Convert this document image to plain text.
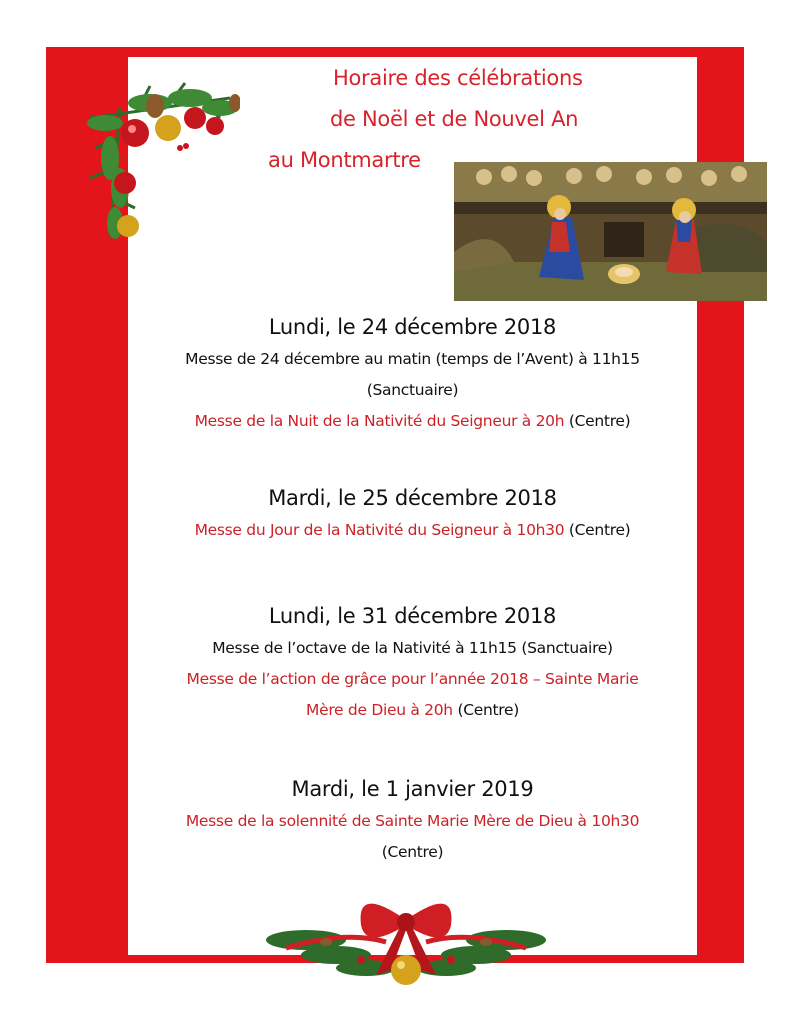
Horaire des célébrations
de Noël et de Nouvel An
au Montmartre
Lundi, le 24 décembre 2018
Messe de 24 décembre au matin (temps de l’Avent) à 11h15
(Sanctuaire)
Messe de la Nuit de la Nativité du Seigneur à 20h (Centre)
Mardi, le 25 décembre 2018
Messe du Jour de la Nativité du Seigneur à 10h30 (Centre)
Lundi, le 31 décembre 2018
Messe de l’octave de la Nativité à 11h15 (Sanctuaire)
Messe de l’action de grâce pour l’année 2018 – Sainte Marie
Mère de Dieu à 20h (Centre)
Mardi, le 1 janvier 2019
Messe de la solennité de Sainte Marie Mère de Dieu à 10h30
(Centre)
